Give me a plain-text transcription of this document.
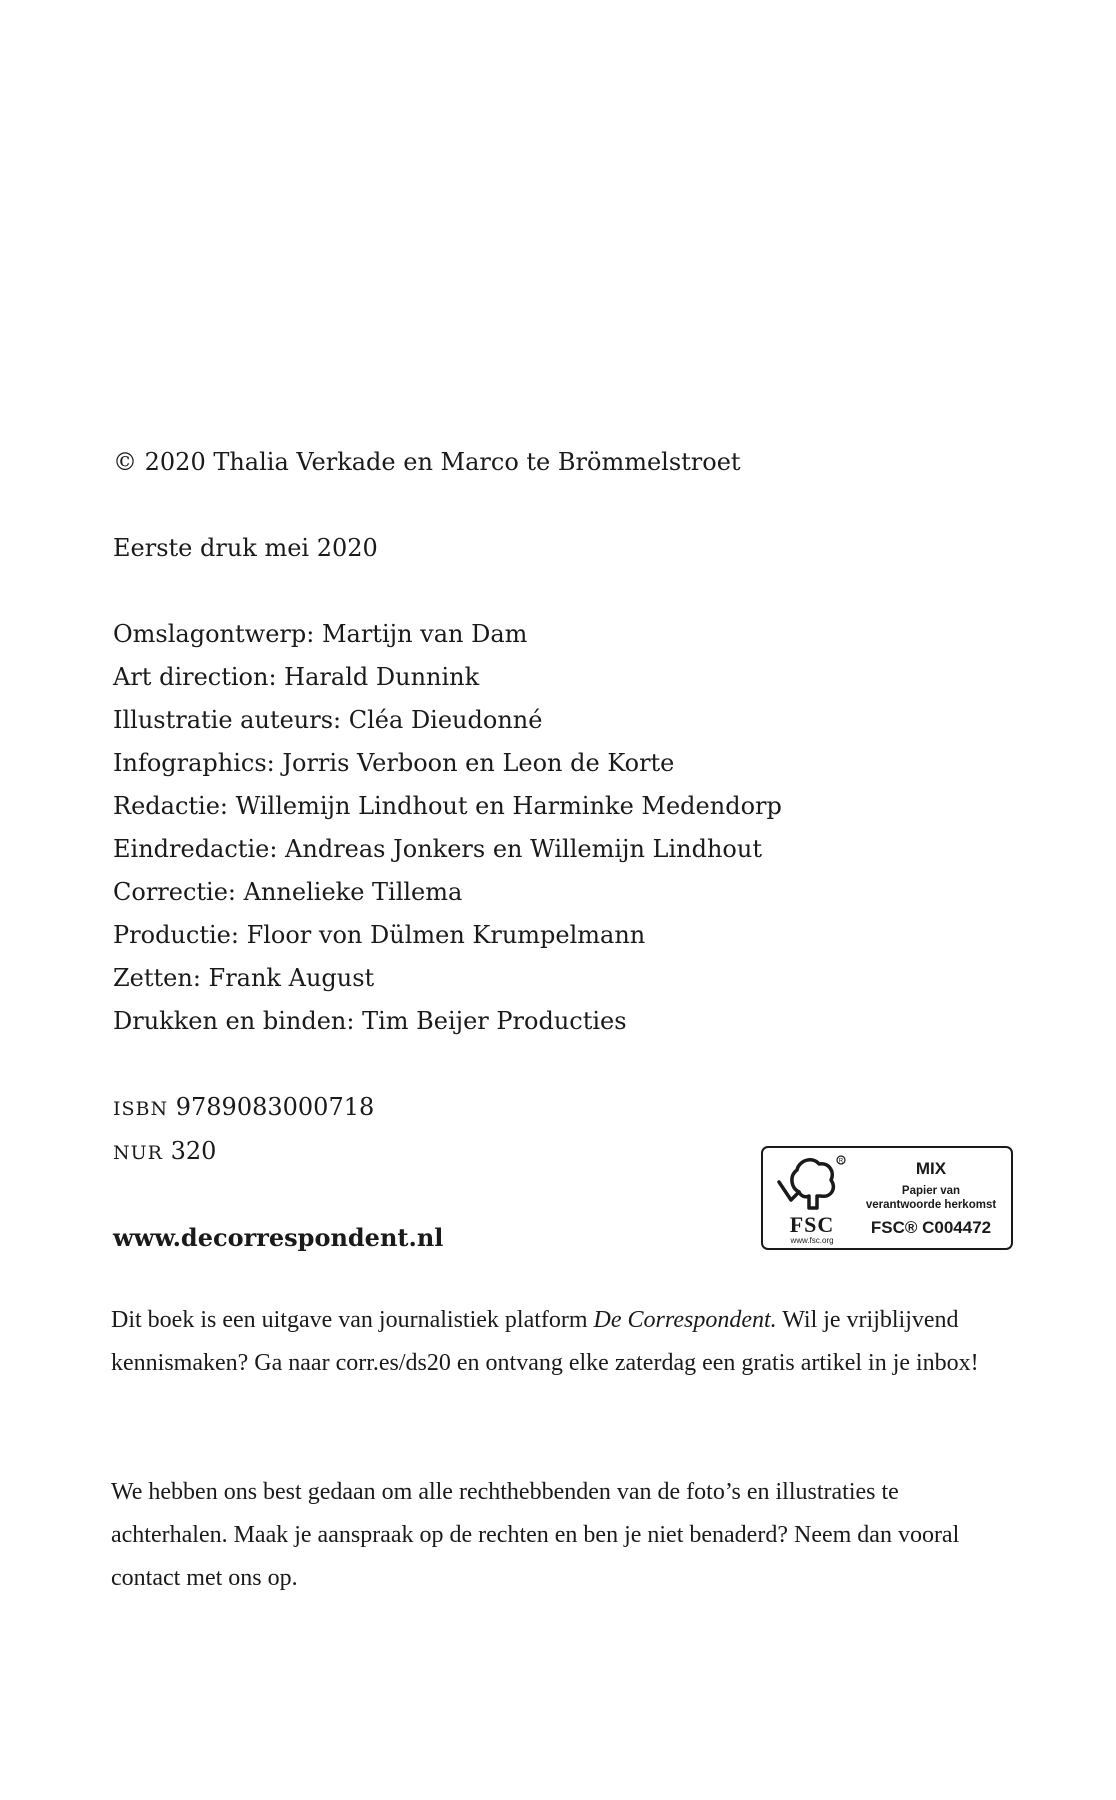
© 2020 Thalia Verkade en Marco te Brömmelstroet
Eerste druk mei 2020
Omslagontwerp: Martijn van Dam
Art direction: Harald Dunnink
Illustratie auteurs: Cléa Dieudonné
Infographics: Jorris Verboon en Leon de Korte
Redactie: Willemijn Lindhout en Harminke Medendorp
Eindredactie: Andreas Jonkers en Willemijn Lindhout
Correctie: Annelieke Tillema
Productie: Floor von Dülmen Krumpelmann
Zetten: Frank August
Drukken en binden: Tim Beijer Producties
ISBN 9789083000718
NUR 320
www.decorrespondent.nl
R
FSC
www.fsc.org
MIX
Papier van
verantwoorde herkomst
FSC® C004472
Dit boek is een uitgave van journalistiek platform De Correspondent. Wil je vrijblijvend kennismaken? Ga naar corr.es/ds20 en ontvang elke zaterdag een gratis artikel in je inbox!
We hebben ons best gedaan om alle rechthebbenden van de foto’s en illustraties te achterhalen. Maak je aanspraak op de rechten en ben je niet benaderd? Neem dan vooral contact met ons op.
